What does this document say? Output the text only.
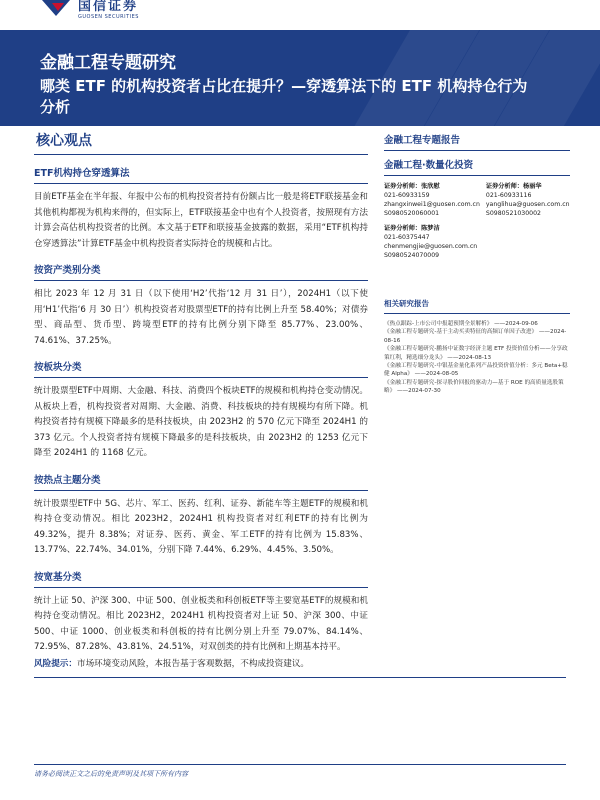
国信证券
GUOSEN SECURITIES
金融工程专题研究
哪类 ETF 的机构投资者占比在提升？—穿透算法下的 ETF 机构持仓行为分析
核心观点
ETF机构持仓穿透算法
目前ETF基金在半年报、年报中公布的机构投资者持有份额占比一般是将ETF联接基金和其他机构都视为机构来得的，但实际上，ETF联接基金中也有个人投资者，按照现有方法计算会高估机构投资者的比例。本文基于ETF和联接基金披露的数据，采用“ETF机构持仓穿透算法”计算ETF基金中机构投资者实际持仓的规模和占比。
按资产类别分类
相比 2023 年 12 月 31 日（以下使用‘H2’代指‘12 月 31 日’），2024H1（以下使用‘H1’代指‘6 月 30 日’）机构投资者对股票型ETF的持有比例上升至 58.40%；对债券型、商品型、货币型、跨境型ETF的持有比例分别下降至 85.77%、23.00%、74.61%、37.25%。
按板块分类
统计股票型ETF中周期、大金融、科技、消费四个板块ETF的规模和机构持仓变动情况。从板块上看，机构投资者对周期、大金融、消费、科技板块的持有规模均有所下降。机构投资者持有规模下降最多的是科技板块，由 2023H2 的 570 亿元下降至 2024H1 的 373 亿元。个人投资者持有规模下降最多的是科技板块，由 2023H2 的 1253 亿元下降至 2024H1 的 1168 亿元。
按热点主题分类
统计股票型ETF中 5G、芯片、军工、医药、红利、证券、新能车等主题ETF的规模和机构持仓变动情况。相比 2023H2，2024H1 机构投资者对红利ETF的持有比例为 49.32%，提升 8.38%；对证券、医药、黄金、军工ETF的持有比例为 15.83%、13.77%、22.74%、34.01%，分别下降 7.44%、6.29%、4.45%、3.50%。
按宽基分类
统计上证 50、沪深 300、中证 500、创业板类和科创板ETF等主要宽基ETF的规模和机构持仓变动情况。相比 2023H2，2024H1 机构投资者对上证 50、沪深 300、中证 500、中证 1000、创业板类和科创板的持有比例分别上升至 79.07%、84.14%、72.95%、87.28%、43.81%、24.51%，对双创类的持有比例和上期基本持平。
风险提示：市场环境变动风险，本报告基于客观数据，不构成投资建议。
金融工程专题报告
金融工程·数量化投资
证券分析师：张欣慰
021-60933159
zhangxinwei1@guosen.com.cn
S0980520060001
证券分析师：杨丽华
021-60933116
yanglihua@guosen.com.cn
S0980521030002
证券分析师：陈梦洁
021-60375447
chenmengjie@guosen.com.cn
S0980524070009
相关研究报告
《热点跟踪-上市公司中报超预期全景解析》 ——2024-09-06
《金融工程专题研究-基于主动买卖特征的高频订单因子改进》 ——2024-08-16
《金融工程专题研究-鹏扬中证数字经济主题 ETF 投资价值分析——分享政策红利，精选细分龙头》 ——2024-08-13
《金融工程专题研究-中银基金量化系列产品投资价值分析：多元 Beta+稳健 Alpha》 ——2024-08-05
《金融工程专题研究-探寻股价回报的驱动力—基于 ROE 的高质量选股策略》 ——2024-07-30
请务必阅读正文之后的免责声明及其项下所有内容
